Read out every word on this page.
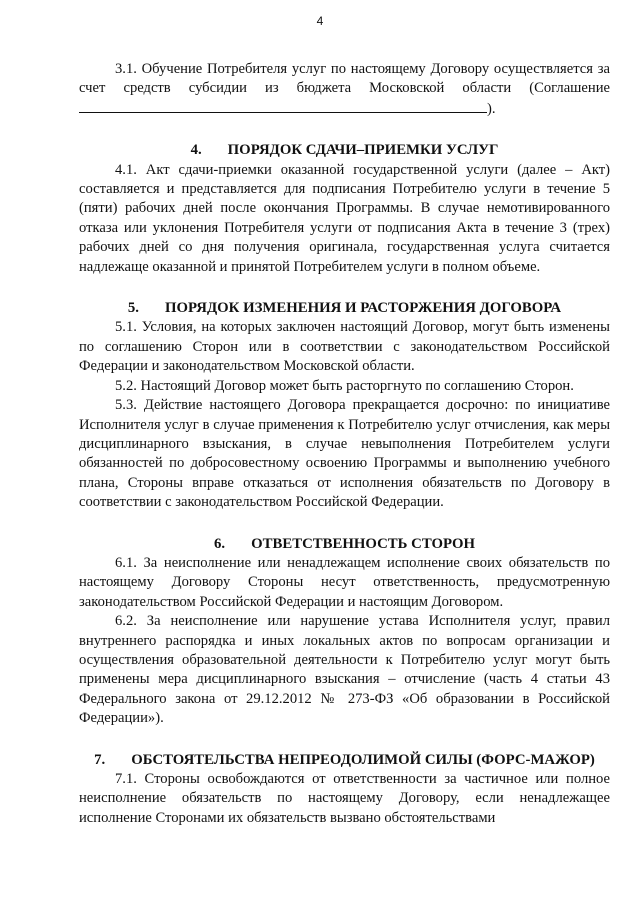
4

3.1. Обучение Потребителя услуг по настоящему Договору осуществляется за счет средств субсидии из бюджета Московской области (Соглашение ).

4. ПОРЯДОК СДАЧИ–ПРИЕМКИ УСЛУГ

4.1. Акт сдачи-приемки оказанной государственной услуги (далее – Акт) составляется и представляется для подписания Потребителю услуги в течение 5 (пяти) рабочих дней после окончания Программы. В случае немотивированного отказа или уклонения Потребителя услуги от подписания Акта в течение 3 (трех) рабочих дней со дня получения оригинала, государственная услуга считается надлежаще оказанной и принятой Потребителем услуги в полном объеме.

5. ПОРЯДОК ИЗМЕНЕНИЯ И РАСТОРЖЕНИЯ ДОГОВОРА

5.1. Условия, на которых заключен настоящий Договор, могут быть изменены по соглашению Сторон или в соответствии с законодательством Российской Федерации и законодательством Московской области.

5.2. Настоящий Договор может быть расторгнуто по соглашению Сторон.

5.3. Действие настоящего Договора прекращается досрочно: по инициативе Исполнителя услуг в случае применения к Потребителю услуг отчисления, как меры дисциплинарного взыскания, в случае невыполнения Потребителем услуги обязанностей по добросовестному освоению Программы и выполнению учебного плана, Стороны вправе отказаться от исполнения обязательств по Договору в соответствии с законодательством Российской Федерации.

6. ОТВЕТСТВЕННОСТЬ СТОРОН

6.1. За неисполнение или ненадлежащем исполнение своих обязательств по настоящему Договору Стороны несут ответственность, предусмотренную законодательством Российской Федерации и настоящим Договором.

6.2. За неисполнение или нарушение устава Исполнителя услуг, правил внутреннего распорядка и иных локальных актов по вопросам организации и осуществления образовательной деятельности к Потребителю услуг могут быть применены мера дисциплинарного взыскания – отчисление (часть 4 статьи 43 Федерального закона от 29.12.2012 № 273-ФЗ «Об образовании в Российской Федерации»).

7. ОБСТОЯТЕЛЬСТВА НЕПРЕОДОЛИМОЙ СИЛЫ (ФОРС-МАЖОР)

7.1. Стороны освобождаются от ответственности за частичное или полное неисполнение обязательств по настоящему Договору, если ненадлежащее исполнение Сторонами их обязательств вызвано обстоятельствами
